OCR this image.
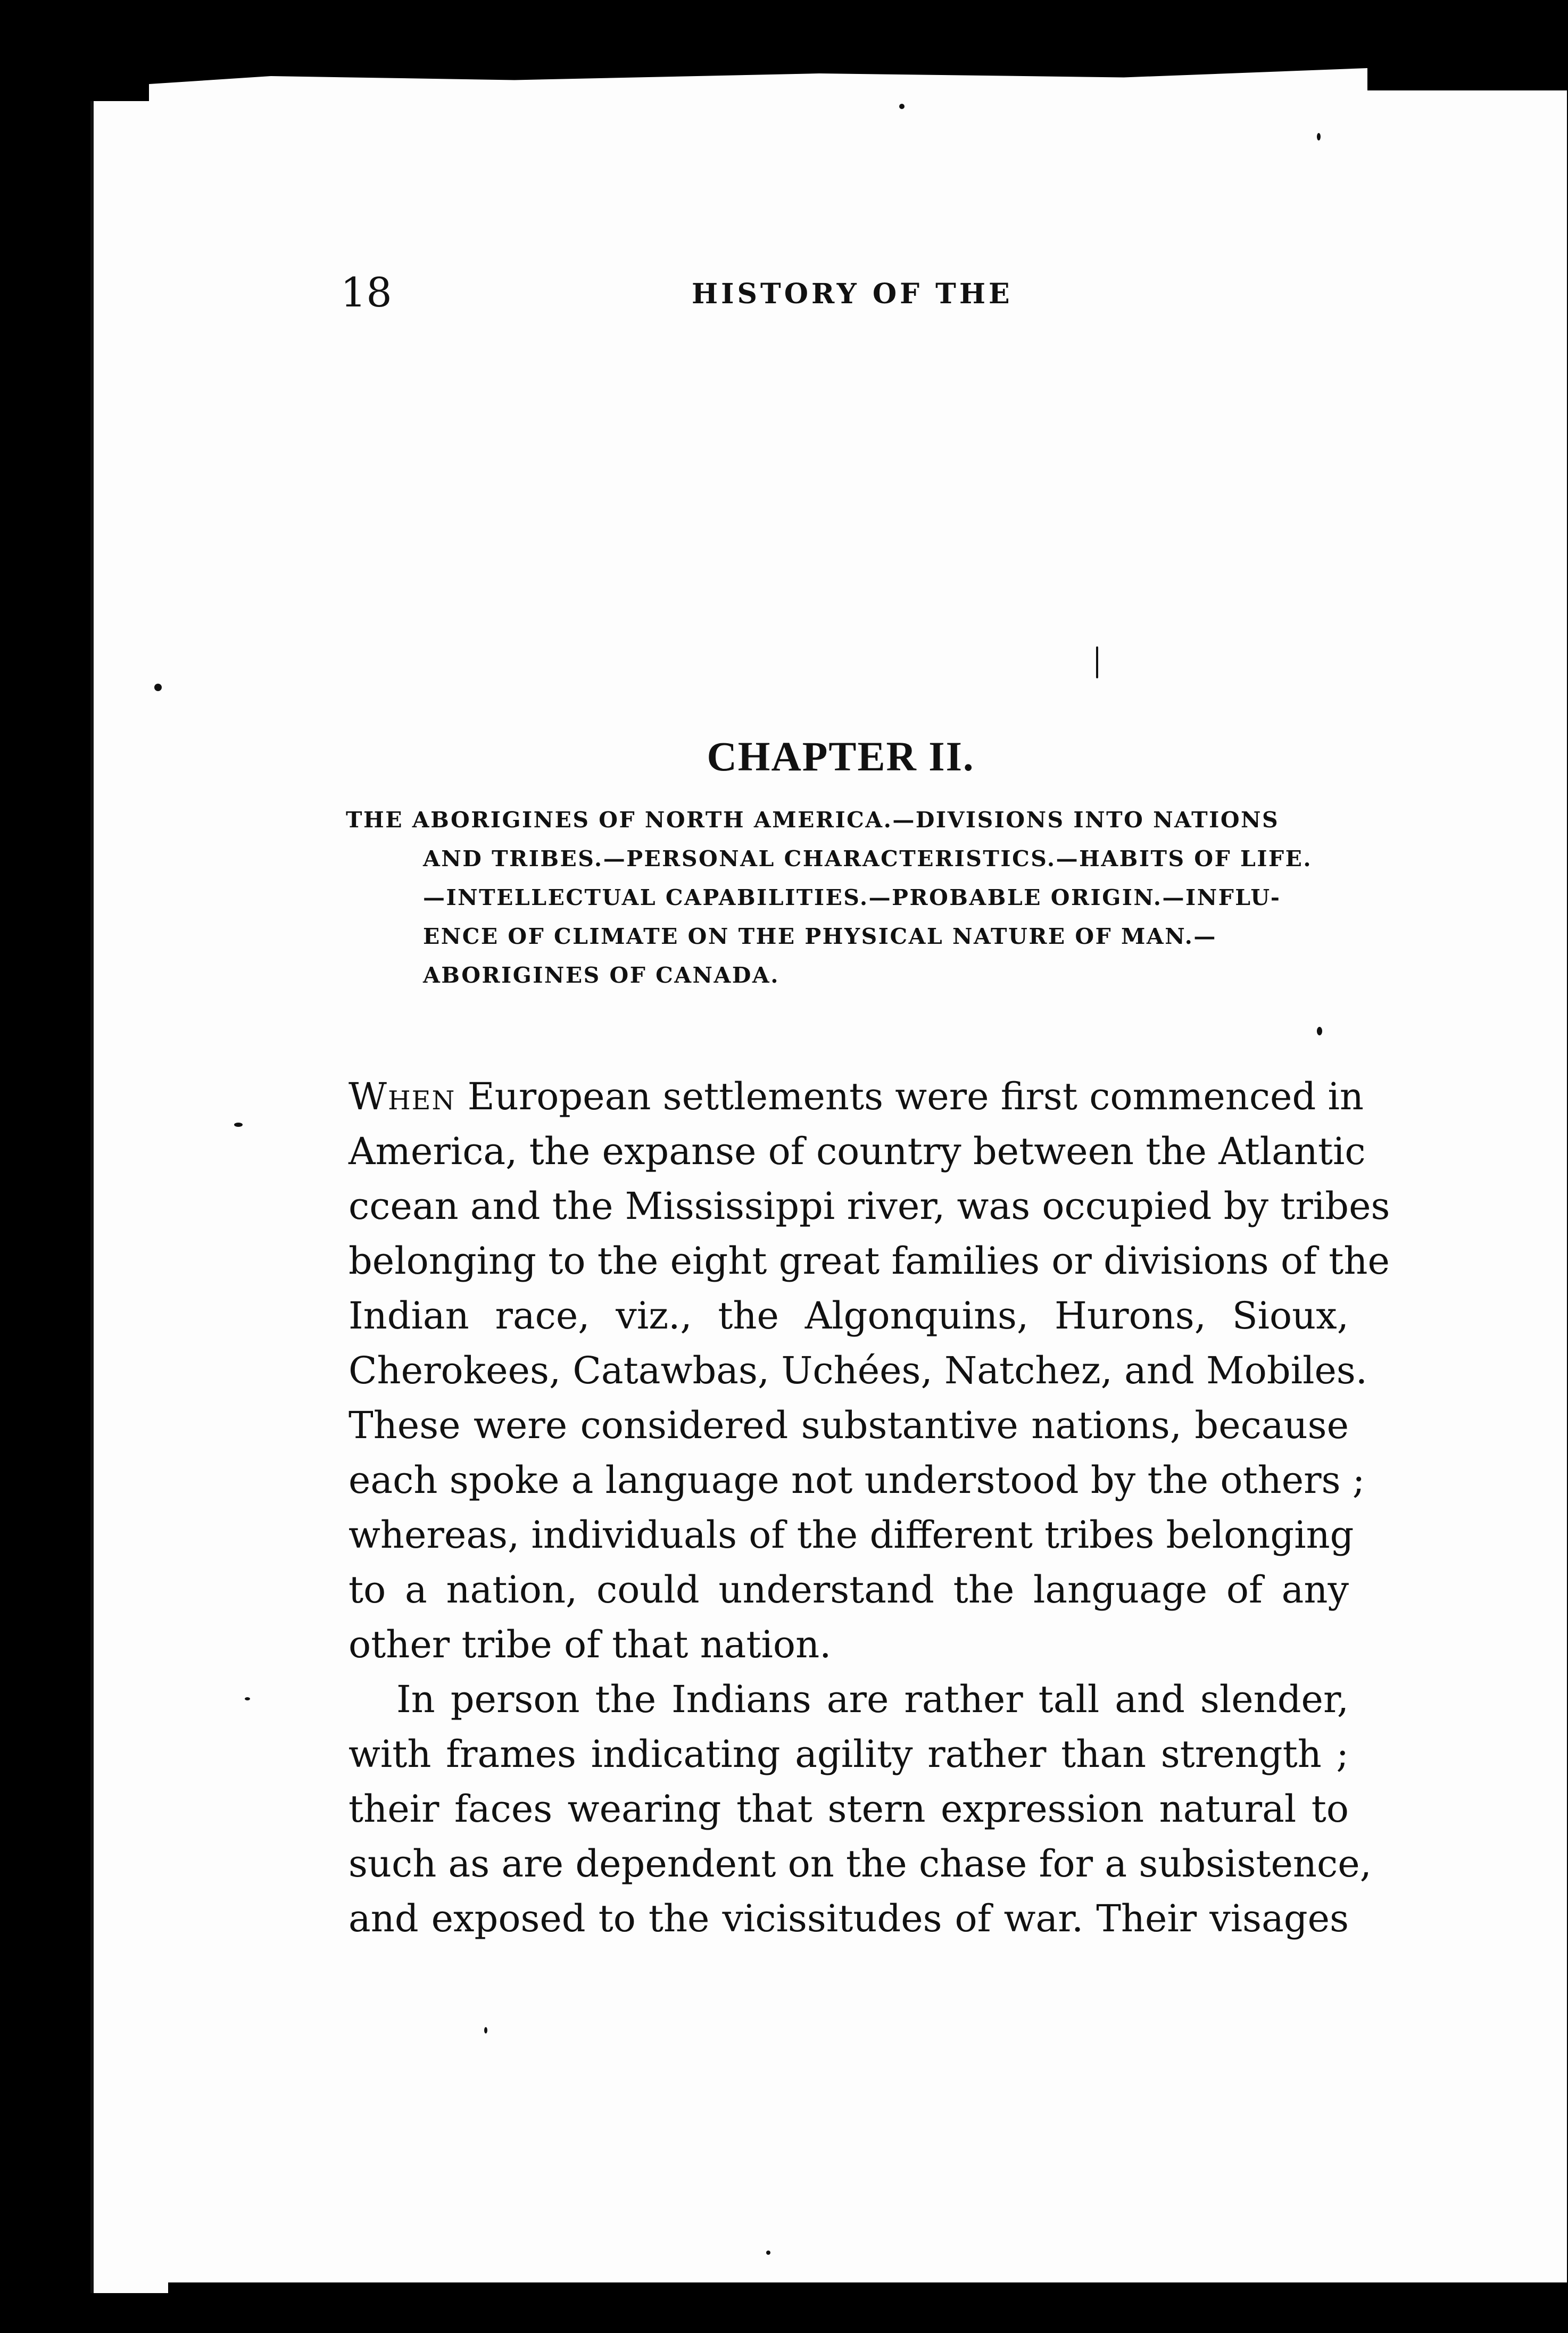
18	HISTORY OF THE
CHAPTER II.
THE ABORIGINES OF NORTH AMERICA.—DIVISIONS INTO NATIONS
AND TRIBES.—PERSONAL CHARACTERISTICS.—HABITS OF LIFE.
—INTELLECTUAL CAPABILITIES.—PROBABLE ORIGIN.—INFLU-
ENCE OF CLIMATE ON THE PHYSICAL NATURE OF MAN.—
ABORIGINES OF CANADA.

When European settlements were first commenced in
America, the expanse of country between the Atlantic
ccean and the Mississippi river, was occupied by tribes
belonging to the eight great families or divisions of the
Indian race, viz., the Algonquins, Hurons, Sioux,
Cherokees, Catawbas, Uchées, Natchez, and Mobiles.
These were considered substantive nations, because
each spoke a language not understood by the others ;
whereas, individuals of the different tribes belonging
to a nation, could understand the language of any
other tribe of that nation.

In person the Indians are rather tall and slender,
with frames indicating agility rather than strength ;
their faces wearing that stern expression natural to
such as are dependent on the chase for a subsistence,
and exposed to the vicissitudes of war. Their visages
